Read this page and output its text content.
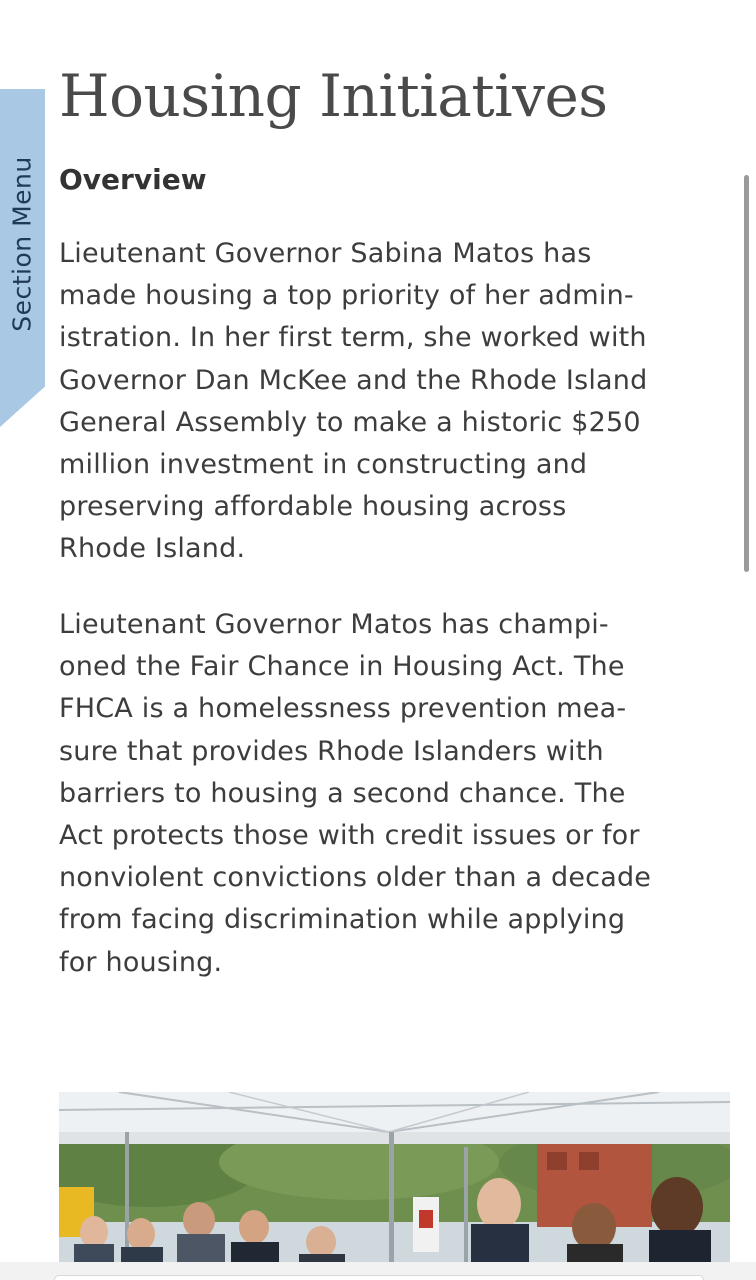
Section Menu
Housing Initiatives
Overview

Lieutenant Governor Sabina Matos has
made housing a top priority of her admin-
istration. In her first term, she worked with
Governor Dan McKee and the Rhode Island
General Assembly to make a historic $250
million investment in constructing and
preserving affordable housing across
Rhode Island.

Lieutenant Governor Matos has champi-
oned the Fair Chance in Housing Act. The
FHCA is a homelessness prevention mea-
sure that provides Rhode Islanders with
barriers to housing a second chance. The
Act protects those with credit issues or for
nonviolent convictions older than a decade
from facing discrimination while applying
for housing.
